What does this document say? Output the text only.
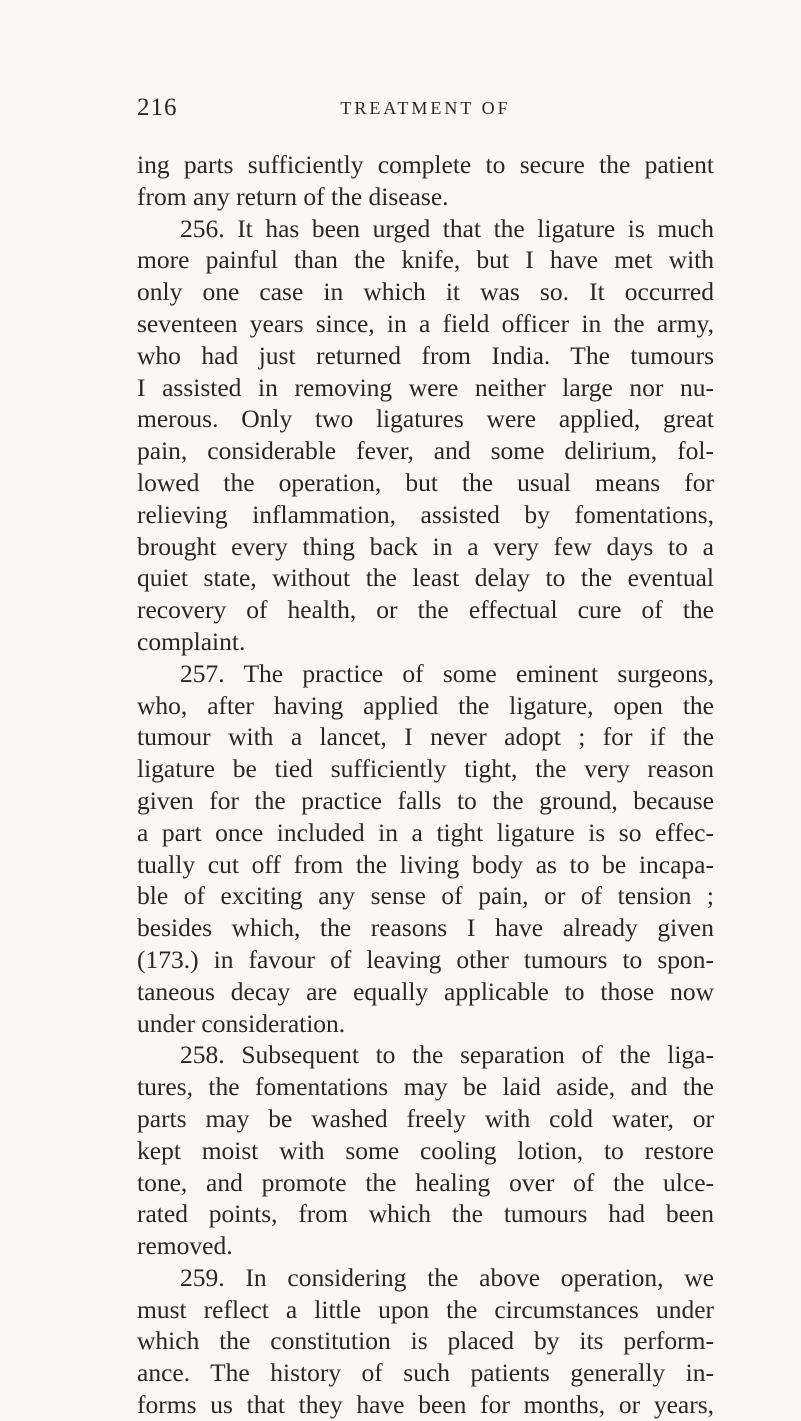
216	TREATMENT OF
ing parts sufficiently complete to secure the patient
from any return of the disease.
256. It has been urged that the ligature is much
more painful than the knife, but I have met with
only one case in which it was so. It occurred
seventeen years since, in a field officer in the army,
who had just returned from India. The tumours
I assisted in removing were neither large nor nu-
merous. Only two ligatures were applied, great
pain, considerable fever, and some delirium, fol-
lowed the operation, but the usual means for
relieving inflammation, assisted by fomentations,
brought every thing back in a very few days to a
quiet state, without the least delay to the eventual
recovery of health, or the effectual cure of the
complaint.
257. The practice of some eminent surgeons,
who, after having applied the ligature, open the
tumour with a lancet, I never adopt ; for if the
ligature be tied sufficiently tight, the very reason
given for the practice falls to the ground, because
a part once included in a tight ligature is so effec-
tually cut off from the living body as to be incapa-
ble of exciting any sense of pain, or of tension ;
besides which, the reasons I have already given
(173.) in favour of leaving other tumours to spon-
taneous decay are equally applicable to those now
under consideration.
258. Subsequent to the separation of the liga-
tures, the fomentations may be laid aside, and the
parts may be washed freely with cold water, or
kept moist with some cooling lotion, to restore
tone, and promote the healing over of the ulce-
rated points, from which the tumours had been
removed.
259. In considering the above operation, we
must reflect a little upon the circumstances under
which the constitution is placed by its perform-
ance. The history of such patients generally in-
forms us that they have been for months, or years,
